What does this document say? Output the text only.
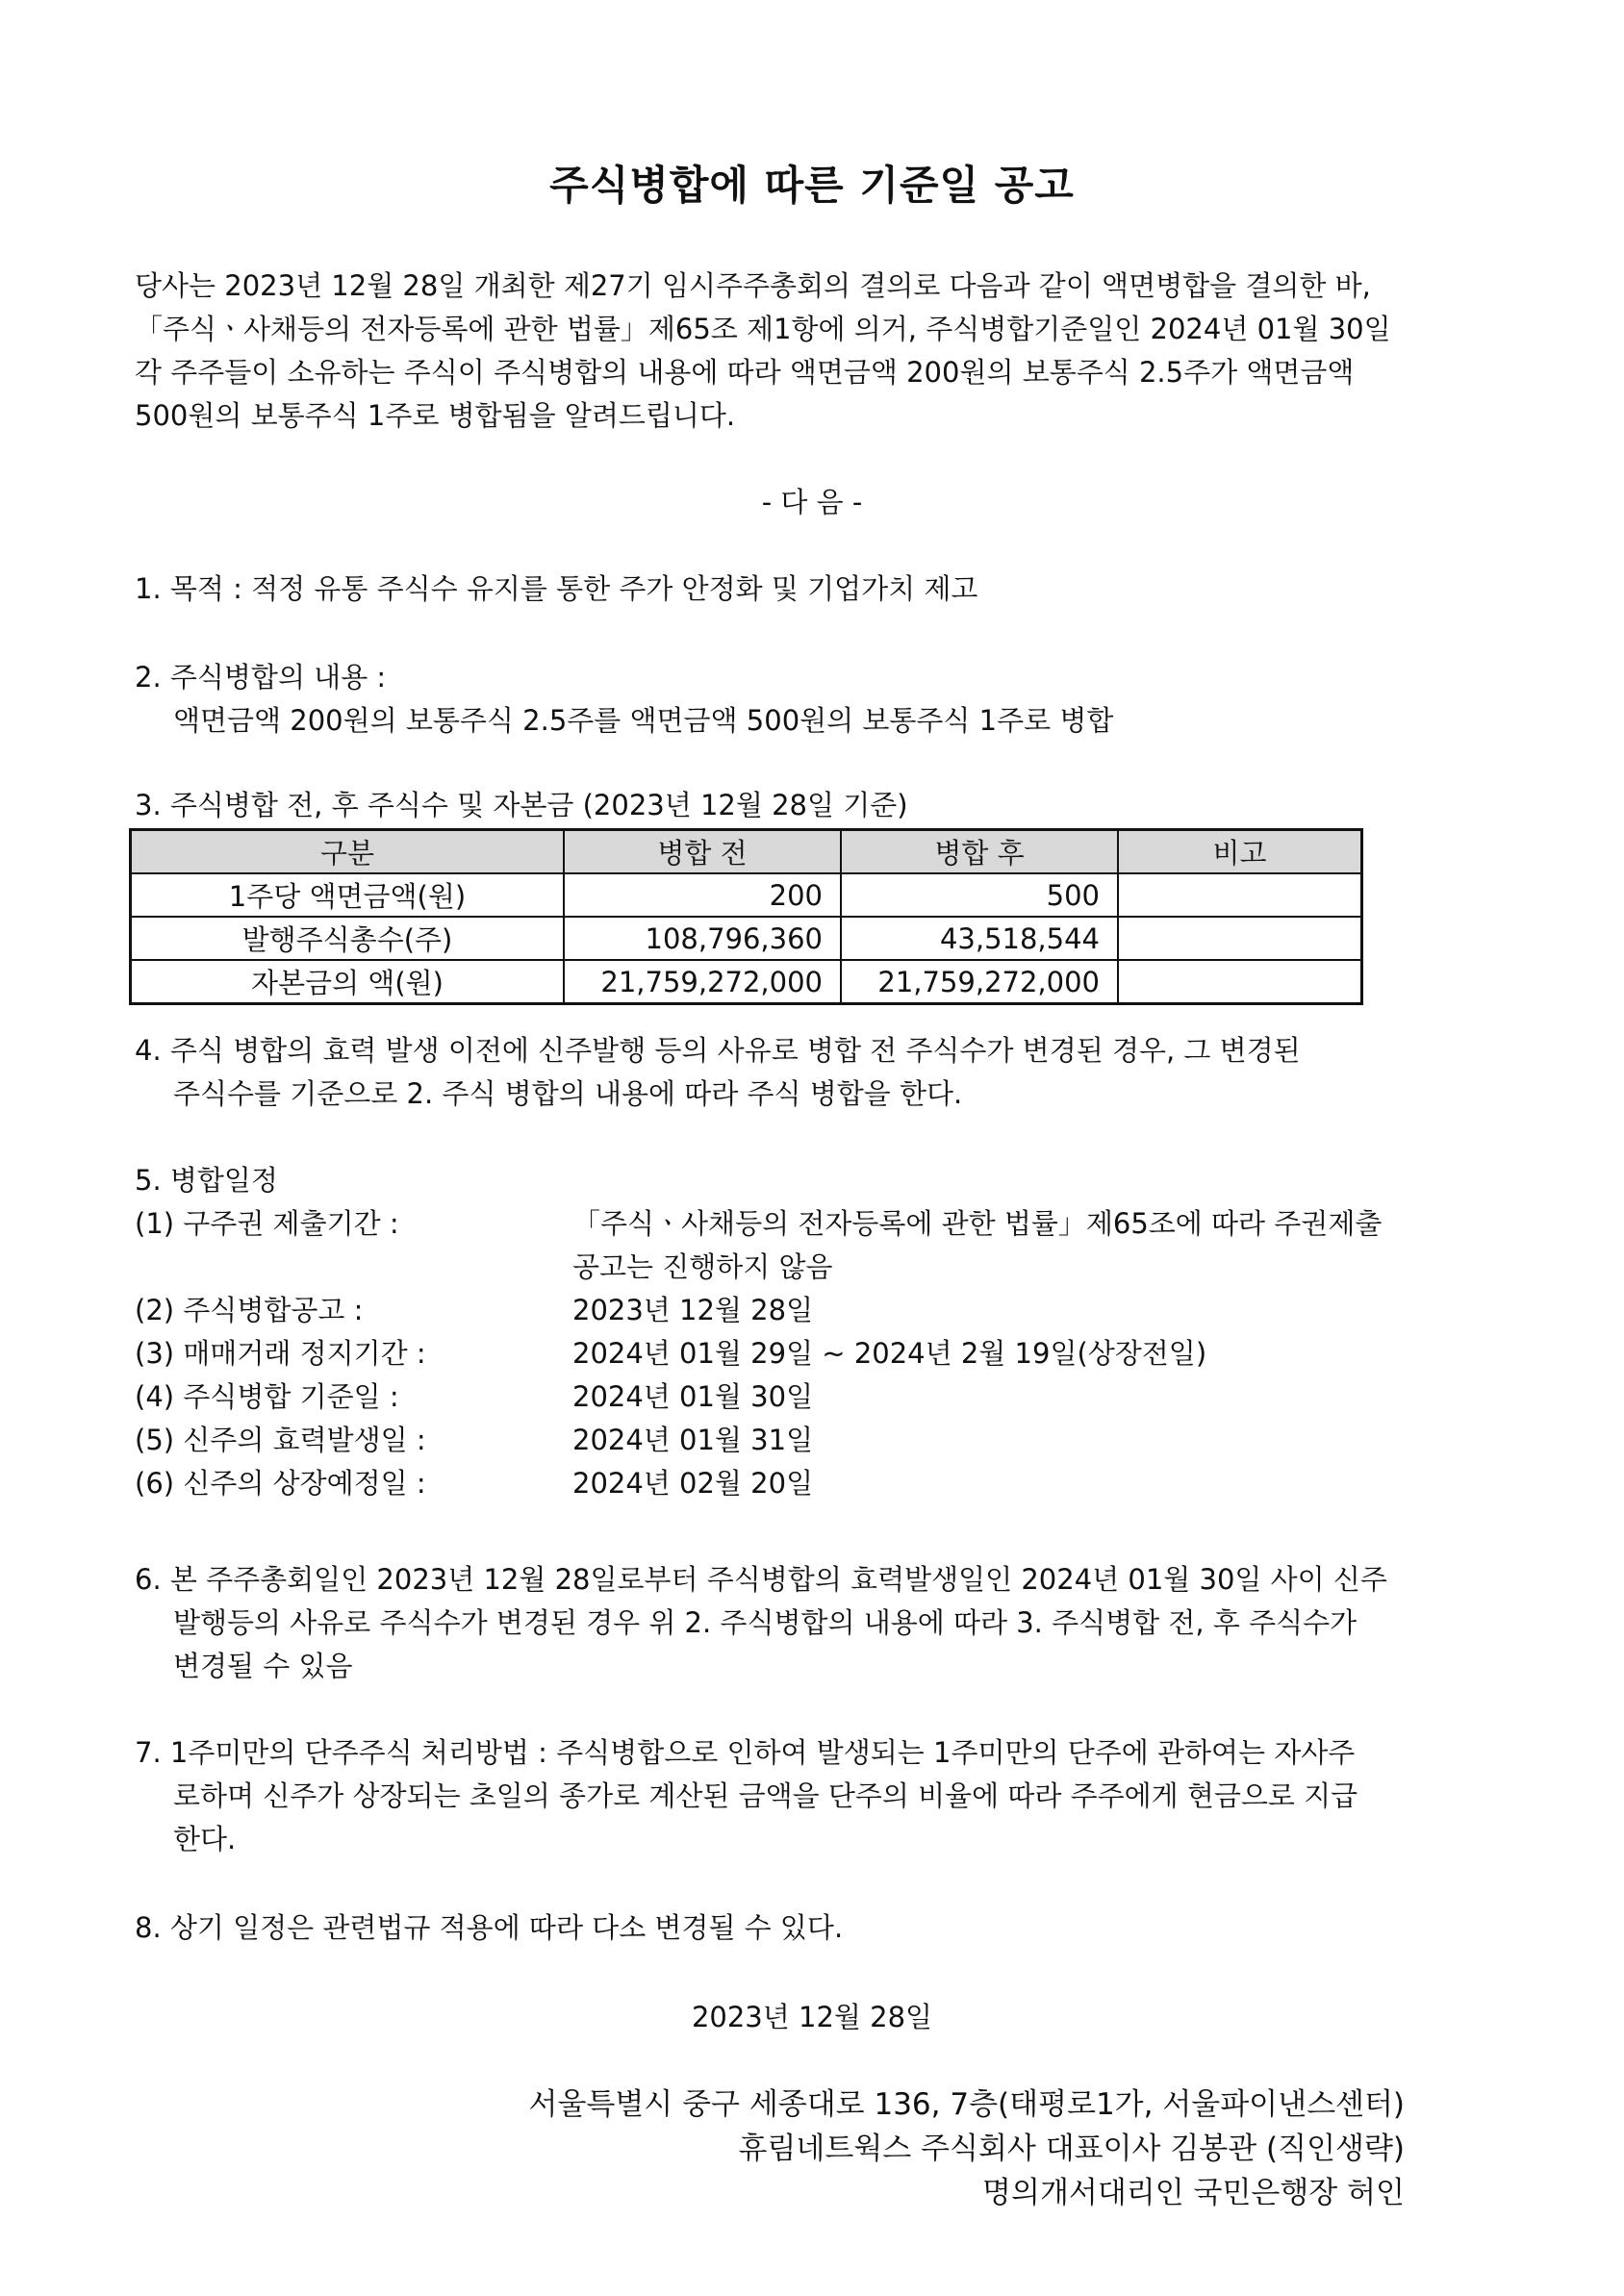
주식병합에 따른 기준일 공고
당사는 2023년 12월 28일 개최한 제27기 임시주주총회의 결의로 다음과 같이 액면병합을 결의한 바,
「주식ㆍ사채등의 전자등록에 관한 법률」제65조 제1항에 의거, 주식병합기준일인 2024년 01월 30일
각 주주들이 소유하는 주식이 주식병합의 내용에 따라 액면금액 200원의 보통주식 2.5주가 액면금액
500원의 보통주식 1주로 병합됨을 알려드립니다.
- 다 음 -
1. 목적 : 적정 유통 주식수 유지를 통한 주가 안정화 및 기업가치 제고
2. 주식병합의 내용 :
액면금액 200원의 보통주식 2.5주를 액면금액 500원의 보통주식 1주로 병합
3. 주식병합 전, 후 주식수 및 자본금 (2023년 12월 28일 기준)
구분	병합 전	병합 후	비고
1주당 액면금액(원)	200	500	
발행주식총수(주)	108,796,360	43,518,544	
자본금의 액(원)	21,759,272,000	21,759,272,000	
4. 주식 병합의 효력 발생 이전에 신주발행 등의 사유로 병합 전 주식수가 변경된 경우, 그 변경된
주식수를 기준으로 2. 주식 병합의 내용에 따라 주식 병합을 한다.
5. 병합일정
(1) 구주권 제출기간 :	「주식ㆍ사채등의 전자등록에 관한 법률」제65조에 따라 주권제출
공고는 진행하지 않음
(2) 주식병합공고 :	2023년 12월 28일
(3) 매매거래 정지기간 :	2024년 01월 29일 ~ 2024년 2월 19일(상장전일)
(4) 주식병합 기준일 :	2024년 01월 30일
(5) 신주의 효력발생일 :	2024년 01월 31일
(6) 신주의 상장예정일 :	2024년 02월 20일
6. 본 주주총회일인 2023년 12월 28일로부터 주식병합의 효력발생일인 2024년 01월 30일 사이 신주
발행등의 사유로 주식수가 변경된 경우 위 2. 주식병합의 내용에 따라 3. 주식병합 전, 후 주식수가
변경될 수 있음
7. 1주미만의 단주주식 처리방법 : 주식병합으로 인하여 발생되는 1주미만의 단주에 관하여는 자사주
로하며 신주가 상장되는 초일의 종가로 계산된 금액을 단주의 비율에 따라 주주에게 현금으로 지급
한다.
8. 상기 일정은 관련법규 적용에 따라 다소 변경될 수 있다.
2023년 12월 28일
서울특별시 중구 세종대로 136, 7층(태평로1가, 서울파이낸스센터)
휴림네트웍스 주식회사 대표이사 김봉관 (직인생략)
명의개서대리인 국민은행장 허인
